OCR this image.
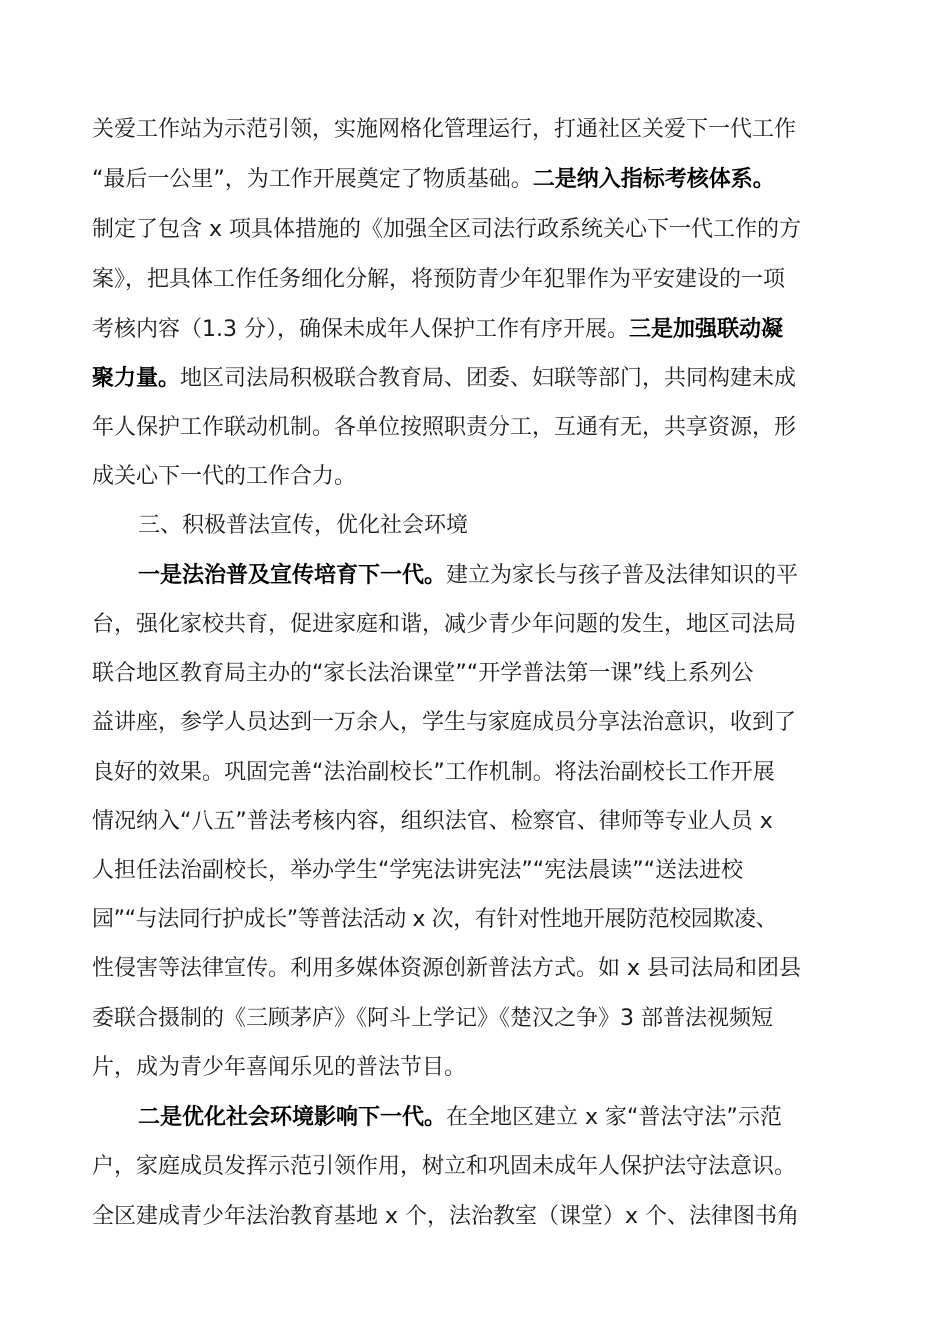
关爱工作站为示范引领，实施网格化管理运行，打通社区关爱下一代工作
“最后一公里”，为工作开展奠定了物质基础。二是纳入指标考核体系。
制定了包含 x 项具体措施的《加强全区司法行政系统关心下一代工作的方
案》，把具体工作任务细化分解，将预防青少年犯罪作为平安建设的一项
考核内容（1.3 分），确保未成年人保护工作有序开展。三是加强联动凝
聚力量。地区司法局积极联合教育局、团委、妇联等部门，共同构建未成
年人保护工作联动机制。各单位按照职责分工，互通有无，共享资源，形
成关心下一代的工作合力。
三、积极普法宣传，优化社会环境
一是法治普及宣传培育下一代。建立为家长与孩子普及法律知识的平
台，强化家校共育，促进家庭和谐，减少青少年问题的发生，地区司法局
联合地区教育局主办的“家长法治课堂”“开学普法第一课”线上系列公
益讲座，参学人员达到一万余人，学生与家庭成员分享法治意识，收到了
良好的效果。巩固完善“法治副校长”工作机制。将法治副校长工作开展
情况纳入“八五”普法考核内容，组织法官、检察官、律师等专业人员 x
人担任法治副校长，举办学生“学宪法讲宪法”“宪法晨读”“送法进校
园”“与法同行护成长”等普法活动 x 次，有针对性地开展防范校园欺凌、
性侵害等法律宣传。利用多媒体资源创新普法方式。如 x 县司法局和团县
委联合摄制的《三顾茅庐》《阿斗上学记》《楚汉之争》3 部普法视频短
片，成为青少年喜闻乐见的普法节目。
二是优化社会环境影响下一代。在全地区建立 x 家“普法守法”示范
户，家庭成员发挥示范引领作用，树立和巩固未成年人保护法守法意识。
全区建成青少年法治教育基地 x 个，法治教室（课堂）x 个、法律图书角
